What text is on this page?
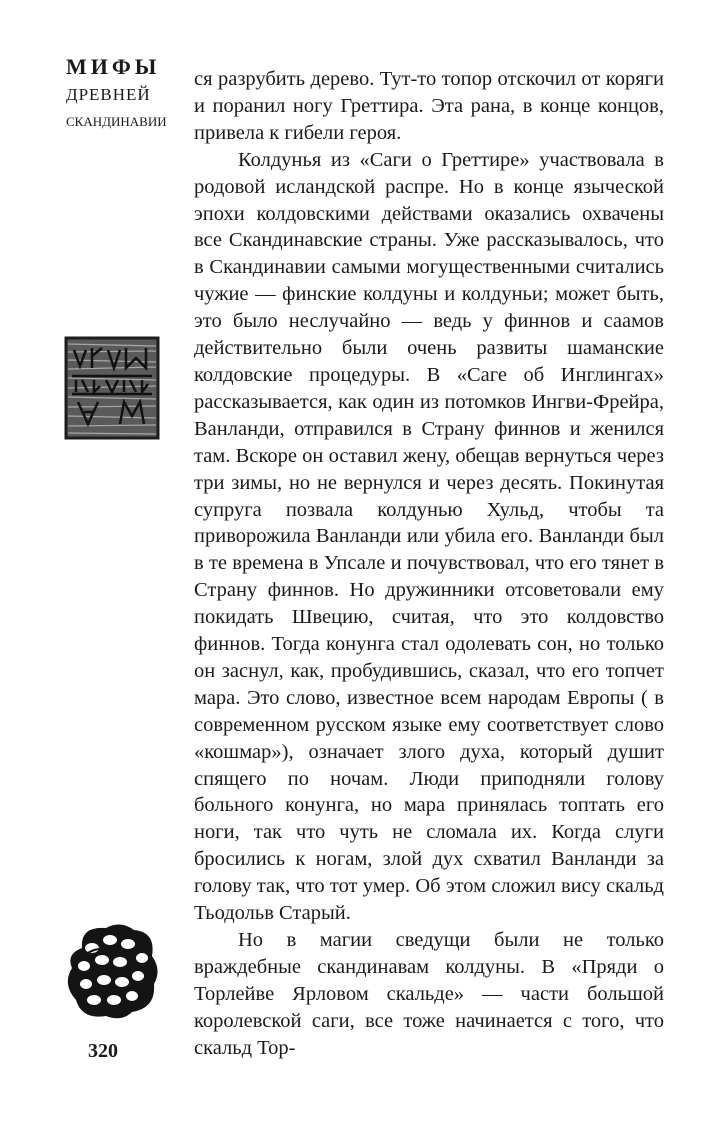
МИФЫ
ДРЕВНЕЙ
СКАНДИНАВИИ
320

ся разрубить дерево. Тут-то топор отскочил от коряги и поранил ногу Греттира. Эта рана, в конце концов, привела к гибели героя.

Колдунья из «Саги о Греттире» участвовала в родовой исландской распре. Но в конце языческой эпохи колдовскими действами оказались охвачены все Скандинавские страны. Уже рассказывалось, что в Скандинавии самыми могущественными считались чужие — финские колдуны и колдуньи; может быть, это было неслучайно — ведь у финнов и саамов действительно были очень развиты шаманские колдовские процедуры. В «Саге об Инглингах» рассказывается, как один из потомков Ингви-Фрейра, Ванланди, отправился в Страну финнов и женился там. Вскоре он оставил жену, обещав вернуться через три зимы, но не вернулся и через десять. Покинутая супруга позвала колдунью Хульд, чтобы та приворожила Ванланди или убила его. Ванланди был в те времена в Упсале и почувствовал, что его тянет в Страну финнов. Но дружинники отсоветовали ему покидать Швецию, считая, что это колдовство финнов. Тогда конунга стал одолевать сон, но только он заснул, как, пробудившись, сказал, что его топчет мара. Это слово, известное всем народам Европы ( в современном русском языке ему соответствует слово «кошмар»), означает злого духа, который душит спящего по ночам. Люди приподняли голову больного конунга, но мара принялась топтать его ноги, так что чуть не сломала их. Когда слуги бросились к ногам, злой дух схватил Ванланди за голову так, что тот умер. Об этом сложил вису скальд Тьодольв Старый.

Но в магии сведущи были не только враждебные скандинавам колдуны. В «Пряди о Торлейве Ярловом скальде» — части большой королевской саги, все тоже начинается с того, что скальд Тор-
